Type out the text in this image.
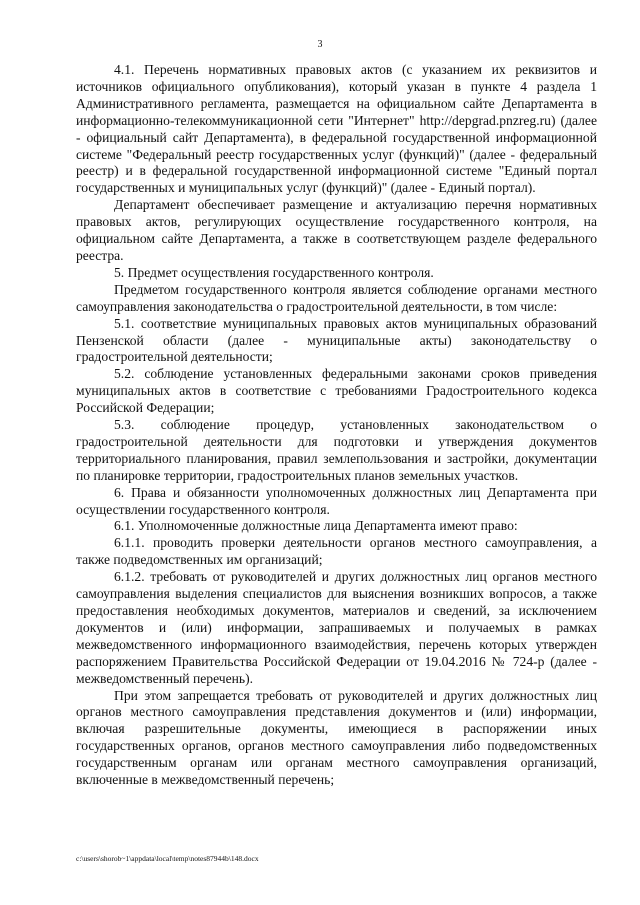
3

4.1. Перечень нормативных правовых актов (с указанием их реквизитов и источников официального опубликования), который указан в пункте 4 раздела 1 Административного регламента, размещается на официальном сайте Департамента в информационно-телекоммуникационной сети "Интернет" http://depgrad.pnzreg.ru) (далее - официальный сайт Департамента), в федеральной государственной информационной системе "Федеральный реестр государственных услуг (функций)" (далее - федеральный реестр) и в федеральной государственной информационной системе "Единый портал государственных и муниципальных услуг (функций)" (далее - Единый портал).

Департамент обеспечивает размещение и актуализацию перечня нормативных правовых актов, регулирующих осуществление государственного контроля, на официальном сайте Департамента, а также в соответствующем разделе федерального реестра.

5. Предмет осуществления государственного контроля.

Предметом государственного контроля является соблюдение органами местного самоуправления законодательства о градостроительной деятельности, в том числе:

5.1. соответствие муниципальных правовых актов муниципальных образований Пензенской области (далее - муниципальные акты) законодательству о градостроительной деятельности;

5.2. соблюдение установленных федеральными законами сроков приведения муниципальных актов в соответствие с требованиями Градостроительного кодекса Российской Федерации;

5.3. соблюдение процедур, установленных законодательством о градостроительной деятельности для подготовки и утверждения документов территориального планирования, правил землепользования и застройки, документации по планировке территории, градостроительных планов земельных участков.

6. Права и обязанности уполномоченных должностных лиц Департамента при осуществлении государственного контроля.

6.1. Уполномоченные должностные лица Департамента имеют право:

6.1.1. проводить проверки деятельности органов местного самоуправления, а также подведомственных им организаций;

6.1.2. требовать от руководителей и других должностных лиц органов местного самоуправления выделения специалистов для выяснения возникших вопросов, а также предоставления необходимых документов, материалов и сведений, за исключением документов и (или) информации, запрашиваемых и получаемых в рамках межведомственного информационного взаимодействия, перечень которых утвержден распоряжением Правительства Российской Федерации от 19.04.2016 № 724-р (далее - межведомственный перечень).

При этом запрещается требовать от руководителей и других должностных лиц органов местного самоуправления представления документов и (или) информации, включая разрешительные документы, имеющиеся в распоряжении иных государственных органов, органов местного самоуправления либо подведомственных государственным органам или органам местного самоуправления организаций, включенные в межведомственный перечень;

c:\users\shorob~1\appdata\local\temp\notes87944b\148.docx
